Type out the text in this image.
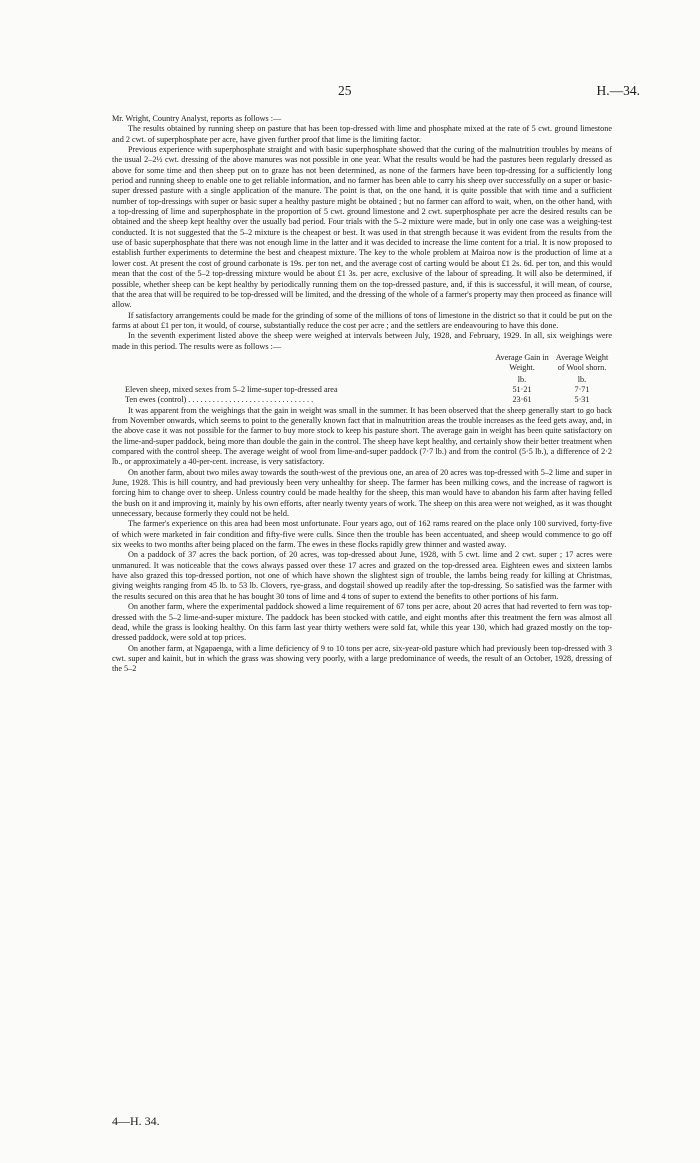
25	H.—34.

Mr. Wright, Country Analyst, reports as follows :—

The results obtained by running sheep on pasture that has been top-dressed with lime and phosphate mixed at the rate of 5 cwt. ground limestone and 2 cwt. of superphosphate per acre, have given further proof that lime is the limiting factor.

Previous experience with superphosphate straight and with basic superphosphate showed that the curing of the malnutrition troubles by means of the usual 2–2½ cwt. dressing of the above manures was not possible in one year. What the results would be had the pastures been regularly dressed as above for some time and then sheep put on to graze has not been determined, as none of the farmers have been top-dressing for a sufficiently long period and running sheep to enable one to get reliable information, and no farmer has been able to carry his sheep over successfully on a super or basic-super dressed pasture with a single application of the manure. The point is that, on the one hand, it is quite possible that with time and a sufficient number of top-dressings with super or basic super a healthy pasture might be obtained ; but no farmer can afford to wait, when, on the other hand, with a top-dressing of lime and superphosphate in the proportion of 5 cwt. ground limestone and 2 cwt. superphosphate per acre the desired results can be obtained and the sheep kept healthy over the usually bad period. Four trials with the 5–2 mixture were made, but in only one case was a weighing-test conducted. It is not suggested that the 5–2 mixture is the cheapest or best. It was used in that strength because it was evident from the results from the use of basic superphosphate that there was not enough lime in the latter and it was decided to increase the lime content for a trial. It is now proposed to establish further experiments to determine the best and cheapest mixture. The key to the whole problem at Mairoa now is the production of lime at a lower cost. At present the cost of ground carbonate is 19s. per ton net, and the average cost of carting would be about £1 2s. 6d. per ton, and this would mean that the cost of the 5–2 top-dressing mixture would be about £1 3s. per acre, exclusive of the labour of spreading. It will also be determined, if possible, whether sheep can be kept healthy by periodically running them on the top-dressed pasture, and, if this is successful, it will mean, of course, that the area that will be required to be top-dressed will be limited, and the dressing of the whole of a farmer's property may then proceed as finance will allow.

If satisfactory arrangements could be made for the grinding of some of the millions of tons of limestone in the district so that it could be put on the farms at about £1 per ton, it would, of course, substantially reduce the cost per acre ; and the settlers are endeavouring to have this done.

In the seventh experiment listed above the sheep were weighed at intervals between July, 1928, and February, 1929. In all, six weighings were made in this period. The results were as follows :—

Average Gain in Weight.
Average Weight of Wool shorn.
lb.	lb.
Eleven sheep, mixed sexes from 5–2 lime-super top-dressed area	51·21	7·71
Ten ewes (control) . . . . . . . . . . . . . . . . . . . . . . . . . . . . . . .	23·61	5·31

It was apparent from the weighings that the gain in weight was small in the summer. It has been observed that the sheep generally start to go back from November onwards, which seems to point to the generally known fact that in malnutrition areas the trouble increases as the feed gets away, and, in the above case it was not possible for the farmer to buy more stock to keep his pasture short. The average gain in weight has been quite satisfactory on the lime-and-super paddock, being more than double the gain in the control. The sheep have kept healthy, and certainly show their better treatment when compared with the control sheep. The average weight of wool from lime-and-super paddock (7·7 lb.) and from the control (5·5 lb.), a difference of 2·2 lb., or approximately a 40-per-cent. increase, is very satisfactory.

On another farm, about two miles away towards the south-west of the previous one, an area of 20 acres was top-dressed with 5–2 lime and super in June, 1928. This is hill country, and had previously been very unhealthy for sheep. The farmer has been milking cows, and the increase of ragwort is forcing him to change over to sheep. Unless country could be made healthy for the sheep, this man would have to abandon his farm after having felled the bush on it and improving it, mainly by his own efforts, after nearly twenty years of work. The sheep on this area were not weighed, as it was thought unnecessary, because formerly they could not be held.

The farmer's experience on this area had been most unfortunate. Four years ago, out of 162 rams reared on the place only 100 survived, forty-five of which were marketed in fair condition and fifty-five were culls. Since then the trouble has been accentuated, and sheep would commence to go off six weeks to two months after being placed on the farm. The ewes in these flocks rapidly grew thinner and wasted away.

On a paddock of 37 acres the back portion, of 20 acres, was top-dressed about June, 1928, with 5 cwt. lime and 2 cwt. super ; 17 acres were unmanured. It was noticeable that the cows always passed over these 17 acres and grazed on the top-dressed area. Eighteen ewes and sixteen lambs have also grazed this top-dressed portion, not one of which have shown the slightest sign of trouble, the lambs being ready for killing at Christmas, giving weights ranging from 45 lb. to 53 lb. Clovers, rye-grass, and dogstail showed up readily after the top-dressing. So satisfied was the farmer with the results secured on this area that he has bought 30 tons of lime and 4 tons of super to extend the benefits to other portions of his farm.

On another farm, where the experimental paddock showed a lime requirement of 67 tons per acre, about 20 acres that had reverted to fern was top-dressed with the 5–2 lime-and-super mixture. The paddock has been stocked with cattle, and eight months after this treatment the fern was almost all dead, while the grass is looking healthy. On this farm last year thirty wethers were sold fat, while this year 130, which had grazed mostly on the top-dressed paddock, were sold at top prices.

On another farm, at Ngapaenga, with a lime deficiency of 9 to 10 tons per acre, six-year-old pasture which had previously been top-dressed with 3 cwt. super and kainit, but in which the grass was showing very poorly, with a large predominance of weeds, the result of an October, 1928, dressing of the 5–2

4—H. 34.
